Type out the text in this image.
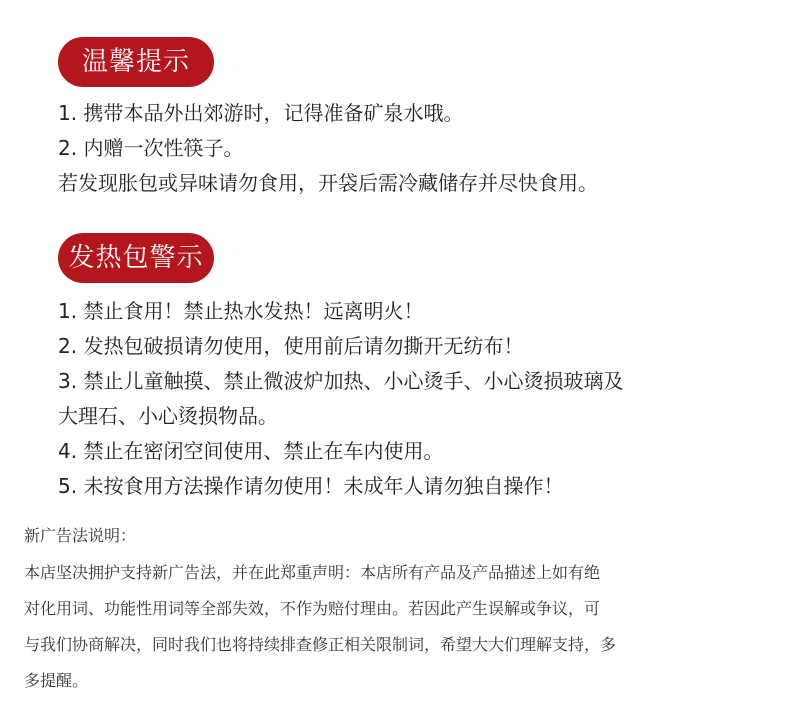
温馨提示
1. 携带本品外出郊游时，记得准备矿泉水哦。
2. 内赠一次性筷子。
若发现胀包或异味请勿食用，开袋后需冷藏储存并尽快食用。
发热包警示
1. 禁止食用！禁止热水发热！远离明火！
2. 发热包破损请勿使用，使用前后请勿撕开无纺布！
3. 禁止儿童触摸、禁止微波炉加热、小心烫手、小心烫损玻璃及
大理石、小心烫损物品。
4. 禁止在密闭空间使用、禁止在车内使用。
5. 未按食用方法操作请勿使用！未成年人请勿独自操作！
新广告法说明：
本店坚决拥护支持新广告法，并在此郑重声明：本店所有产品及产品描述上如有绝
对化用词、功能性用词等全部失效，不作为赔付理由。若因此产生误解或争议，可
与我们协商解决，同时我们也将持续排查修正相关限制词，希望大大们理解支持，多
多提醒。
